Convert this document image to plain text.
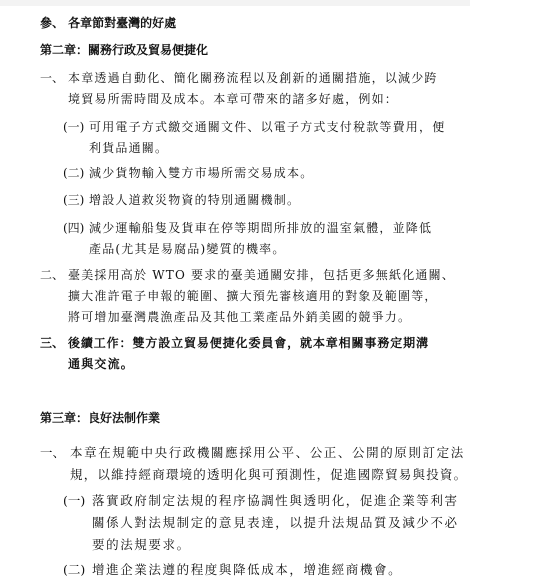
參、 各章節對臺灣的好處
第二章：關務行政及貿易便捷化
一、 本章透過自動化、簡化關務流程以及創新的通關措施，以減少跨
境貿易所需時間及成本。本章可帶來的諸多好處，例如：
(一) 可用電子方式繳交通關文件、以電子方式支付稅款等費用，便
利貨品通關。
(二) 減少貨物輸入雙方市場所需交易成本。
(三) 增設人道救災物資的特別通關機制。
(四) 減少運輸船隻及貨車在停等期間所排放的溫室氣體，並降低
產品(尤其是易腐品)變質的機率。
二、 臺美採用高於 WTO 要求的臺美通關安排，包括更多無紙化通關、
擴大准許電子申報的範圍、擴大預先審核適用的對象及範圍等，
將可增加臺灣農漁產品及其他工業產品外銷美國的競爭力。
三、 後續工作：雙方設立貿易便捷化委員會，就本章相關事務定期溝
通與交流。
第三章：良好法制作業
一、 本章在規範中央行政機關應採用公平、公正、公開的原則訂定法
規，以維持經商環境的透明化與可預測性，促進國際貿易與投資。
(一) 落實政府制定法規的程序協調性與透明化，促進企業等利害
關係人對法規制定的意見表達，以提升法規品質及減少不必
要的法規要求。
(二) 增進企業法遵的程度與降低成本，增進經商機會。
